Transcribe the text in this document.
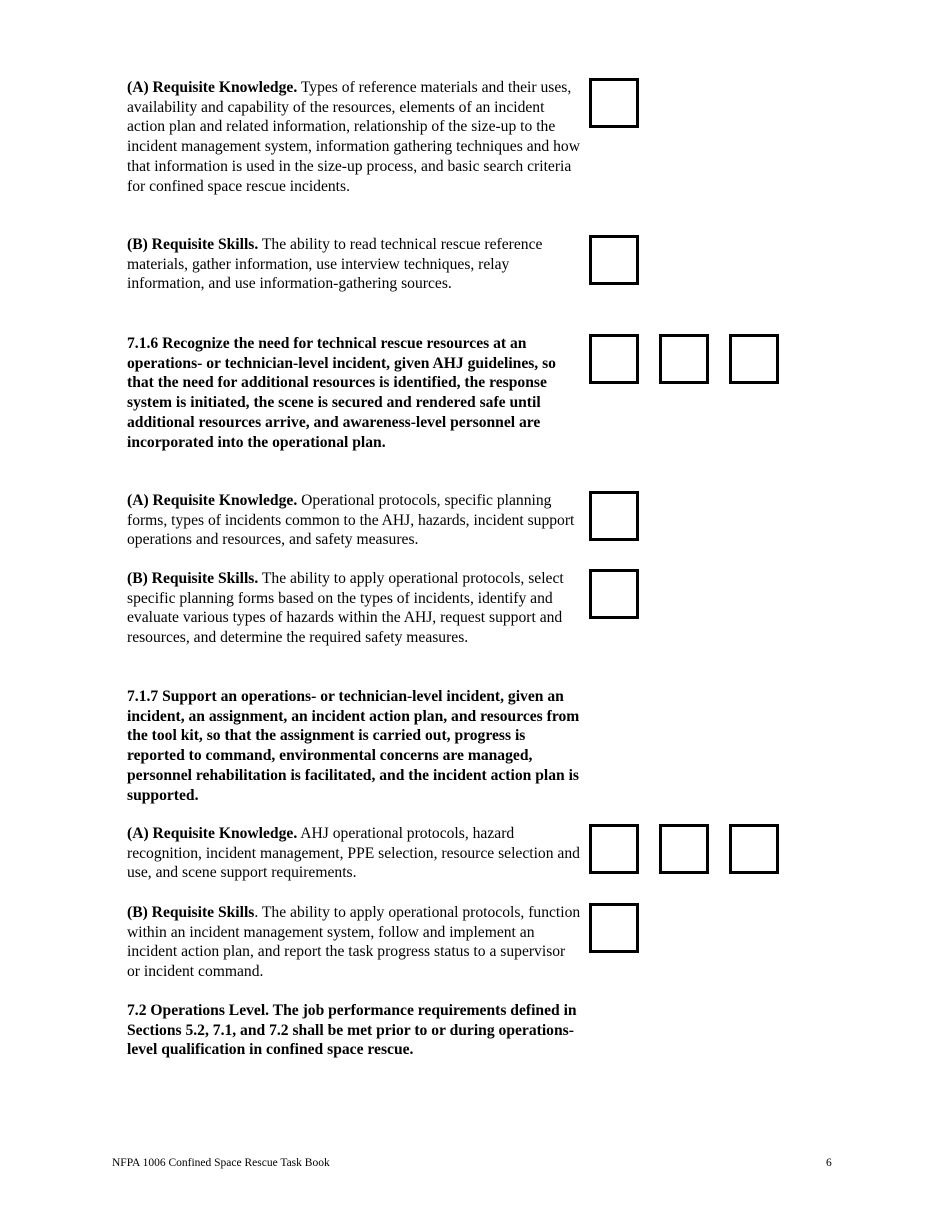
(A) Requisite Knowledge. Types of reference materials and their uses, availability and capability of the resources, elements of an incident action plan and related information, relationship of the size-up to the incident management system, information gathering techniques and how that information is used in the size-up process, and basic search criteria for confined space rescue incidents.

(B) Requisite Skills. The ability to read technical rescue reference materials, gather information, use interview techniques, relay information, and use information-gathering sources.

7.1.6 Recognize the need for technical rescue resources at an operations- or technician-level incident, given AHJ guidelines, so that the need for additional resources is identified, the response system is initiated, the scene is secured and rendered safe until additional resources arrive, and awareness-level personnel are incorporated into the operational plan.

(A) Requisite Knowledge. Operational protocols, specific planning forms, types of incidents common to the AHJ, hazards, incident support operations and resources, and safety measures.

(B) Requisite Skills. The ability to apply operational protocols, select specific planning forms based on the types of incidents, identify and evaluate various types of hazards within the AHJ, request support and resources, and determine the required safety measures.

7.1.7 Support an operations- or technician-level incident, given an incident, an assignment, an incident action plan, and resources from the tool kit, so that the assignment is carried out, progress is reported to command, environmental concerns are managed, personnel rehabilitation is facilitated, and the incident action plan is supported.

(A) Requisite Knowledge. AHJ operational protocols, hazard recognition, incident management, PPE selection, resource selection and use, and scene support requirements.

(B) Requisite Skills. The ability to apply operational protocols, function within an incident management system, follow and implement an incident action plan, and report the task progress status to a supervisor or incident command.

7.2 Operations Level. The job performance requirements defined in Sections 5.2, 7.1, and 7.2 shall be met prior to or during operations-level qualification in confined space rescue.

NFPA 1006 Confined Space Rescue Task Book	6
